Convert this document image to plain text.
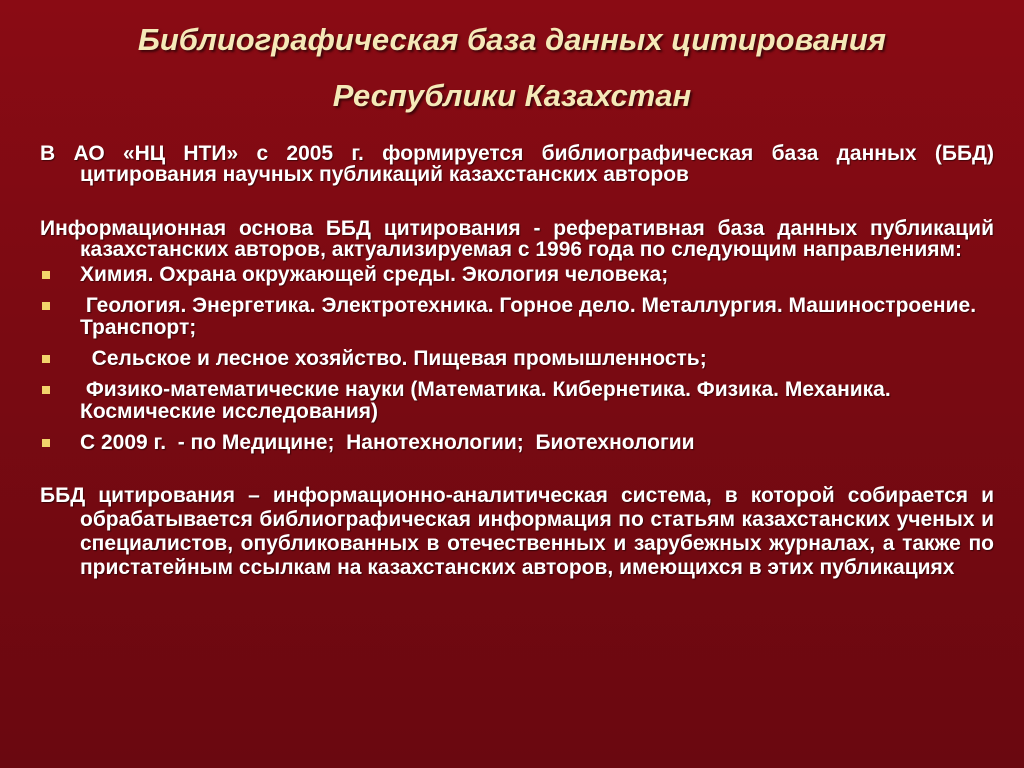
Библиографическая база данных цитирования
Республики Казахстан

В АО «НЦ НТИ» с 2005 г. формируется библиографическая база данных (ББД) цитирования научных публикаций казахстанских авторов

Информационная основа ББД цитирования - реферативная база данных публикаций казахстанских авторов, актуализируемая с 1996 года по следующим направлениям:

Химия. Охрана окружающей среды. Экология человека;
Геология. Энергетика. Электротехника. Горное дело. Металлургия. Машиностроение. Транспорт;
Сельское и лесное хозяйство. Пищевая промышленность;
Физико-математические науки (Математика. Кибернетика. Физика. Механика. Космические исследования)
С 2009 г.  - по Медицине;  Нанотехнологии;  Биотехнологии

ББД цитирования – информационно-аналитическая система, в которой собирается и обрабатывается библиографическая информация по статьям казахстанских ученых и специалистов, опубликованных в отечественных и зарубежных журналах, а также по пристатейным ссылкам на казахстанских авторов, имеющихся в этих публикациях
